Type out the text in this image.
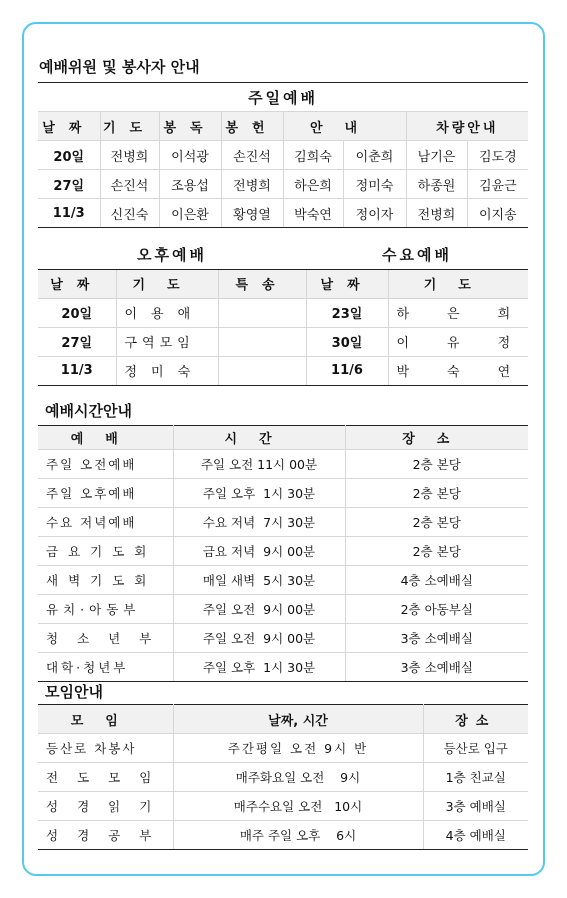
예배위원 및 봉사자 안내
주일예배							
날짜	기도	봉독	봉헌	안내		차량안내	
20일	전병희	이석광	손진석	김희숙	이춘희	남기은	김도경
27일	손진석	조용섭	전병희	하은희	정미숙	하종원	김윤근
11/3	신진숙	이은환	황영열	박숙연	정이자	전병희	이지송
오후예배			수요예배	
날짜	기도	특송	날짜	기도
20일	이용애		23일	하은희
27일	구역모임		30일	이유정
11/3	정미숙		11/6	박숙연
예배시간안내
예배	시간	장소
주일 오전예배	주일 오전 11시 00분	2층 본당
주일 오후예배	주일 오후  1시 30분	2층 본당
수요 저녁예배	수요 저녁  7시 30분	2층 본당
금요기도회	금요 저녁  9시 00분	2층 본당
새벽기도회	매일 새벽  5시 30분	4층 소예배실
유치·아동부	주일 오전  9시 00분	2층 아동부실
청소년부	주일 오전  9시 00분	3층 소예배실
대학·청년부	주일 오후  1시 30분	3층 소예배실
모임안내
모임	날짜, 시간	장소
등산로 차봉사	주간평일 오전 9시 반	등산로 입구
전도모임	매주화요일 오전    9시	1층 친교실
성경읽기	매주수요일 오전   10시	3층 예배실
성경공부	매주 주일 오후    6시	4층 예배실
